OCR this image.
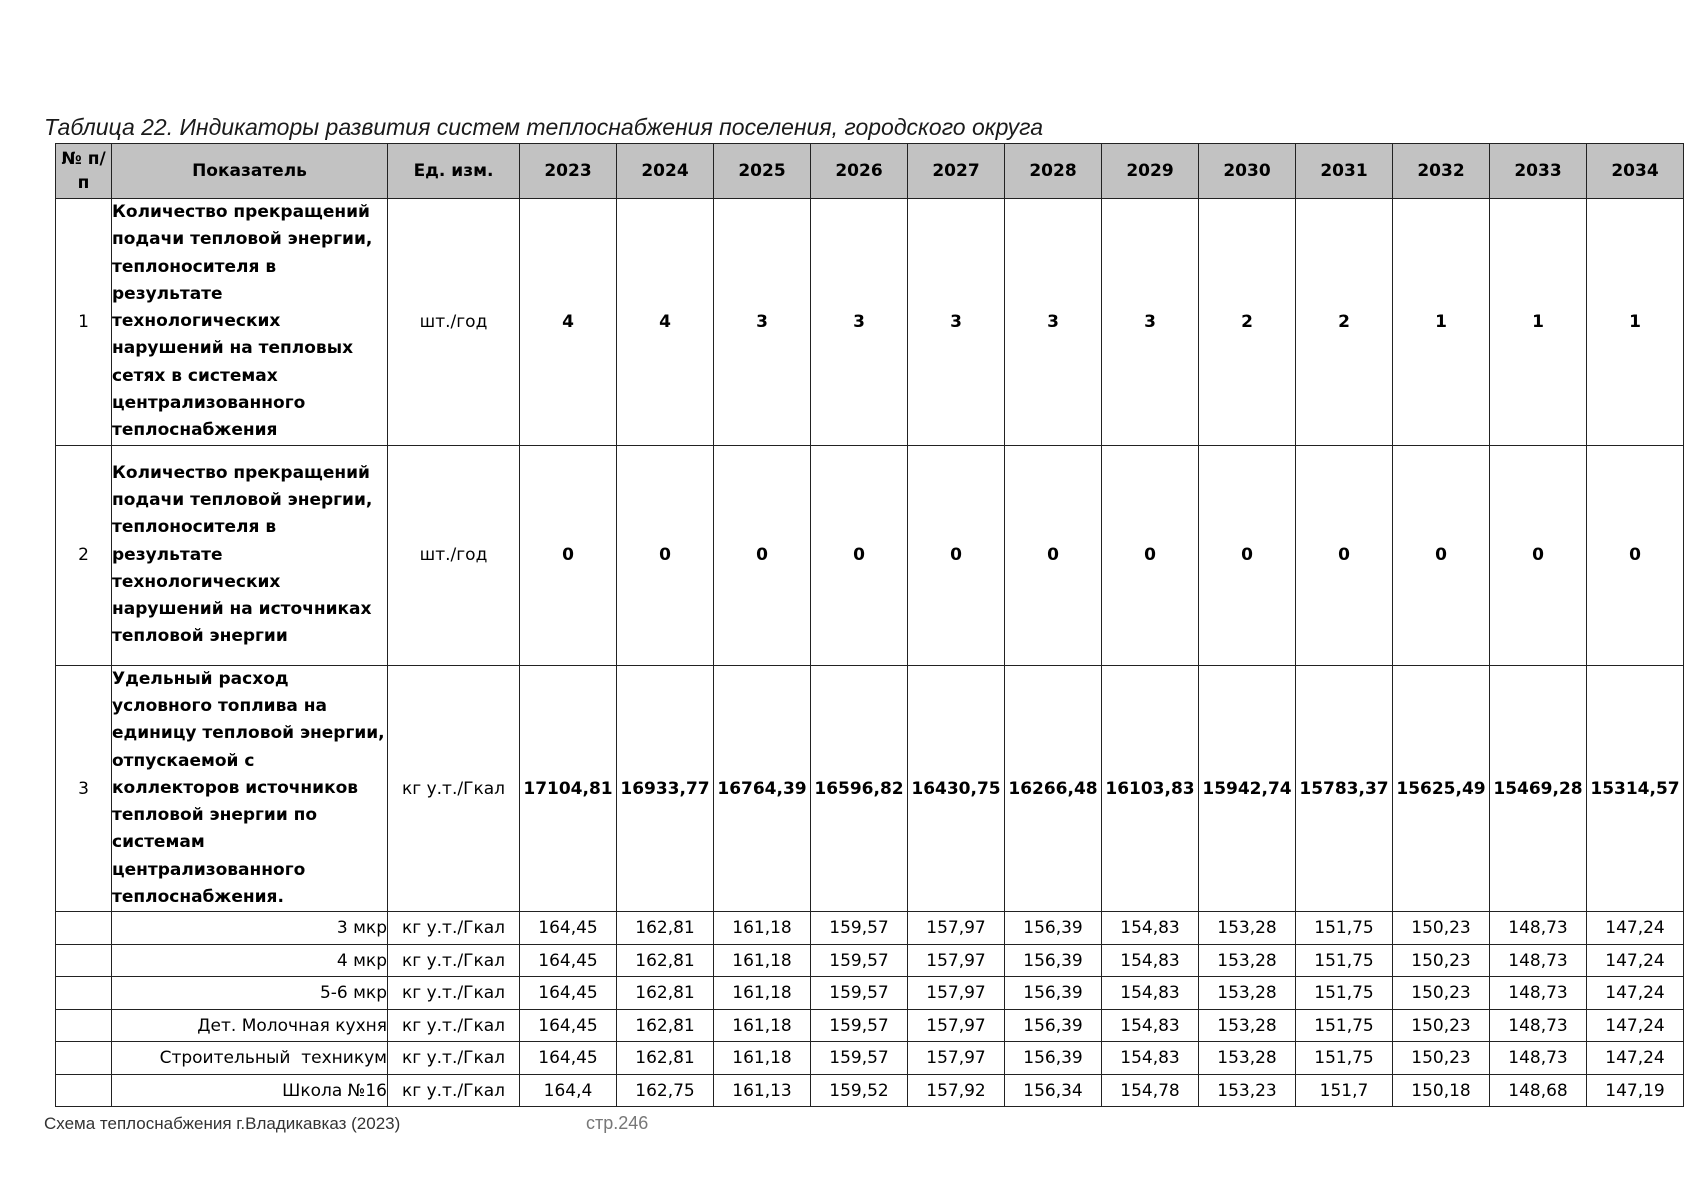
Таблица 22. Индикаторы развития систем теплоснабжения поселения, городского округа
№ п/п	Показатель	Ед. изм.	2023	2024	2025	2026	2027	2028	2029	2030	2031	2032	2033	2034
1	Количество прекращений подачи тепловой энергии, теплоносителя в результате технологических нарушений на тепловых сетях в системах централизованного теплоснабжения	шт./год	4	4	3	3	3	3	3	2	2	1	1	1
2	Количество прекращений подачи тепловой энергии, теплоносителя в результате технологических нарушений на источниках тепловой энергии	шт./год	0	0	0	0	0	0	0	0	0	0	0	0
3	Удельный расход условного топлива на единицу тепловой энергии, отпускаемой с коллекторов источников тепловой энергии по системам централизованного теплоснабжения.	кг у.т./Гкал	17104,81	16933,77	16764,39	16596,82	16430,75	16266,48	16103,83	15942,74	15783,37	15625,49	15469,28	15314,57
	3 мкр	кг у.т./Гкал	164,45	162,81	161,18	159,57	157,97	156,39	154,83	153,28	151,75	150,23	148,73	147,24
	4 мкр	кг у.т./Гкал	164,45	162,81	161,18	159,57	157,97	156,39	154,83	153,28	151,75	150,23	148,73	147,24
	5-6 мкр	кг у.т./Гкал	164,45	162,81	161,18	159,57	157,97	156,39	154,83	153,28	151,75	150,23	148,73	147,24
	Дет. Молочная кухня	кг у.т./Гкал	164,45	162,81	161,18	159,57	157,97	156,39	154,83	153,28	151,75	150,23	148,73	147,24
	Строительный  техникум	кг у.т./Гкал	164,45	162,81	161,18	159,57	157,97	156,39	154,83	153,28	151,75	150,23	148,73	147,24
	Школа №16	кг у.т./Гкал	164,4	162,75	161,13	159,52	157,92	156,34	154,78	153,23	151,7	150,18	148,68	147,19
Схема теплоснабжения г.Владикавказ (2023)	стр.246
